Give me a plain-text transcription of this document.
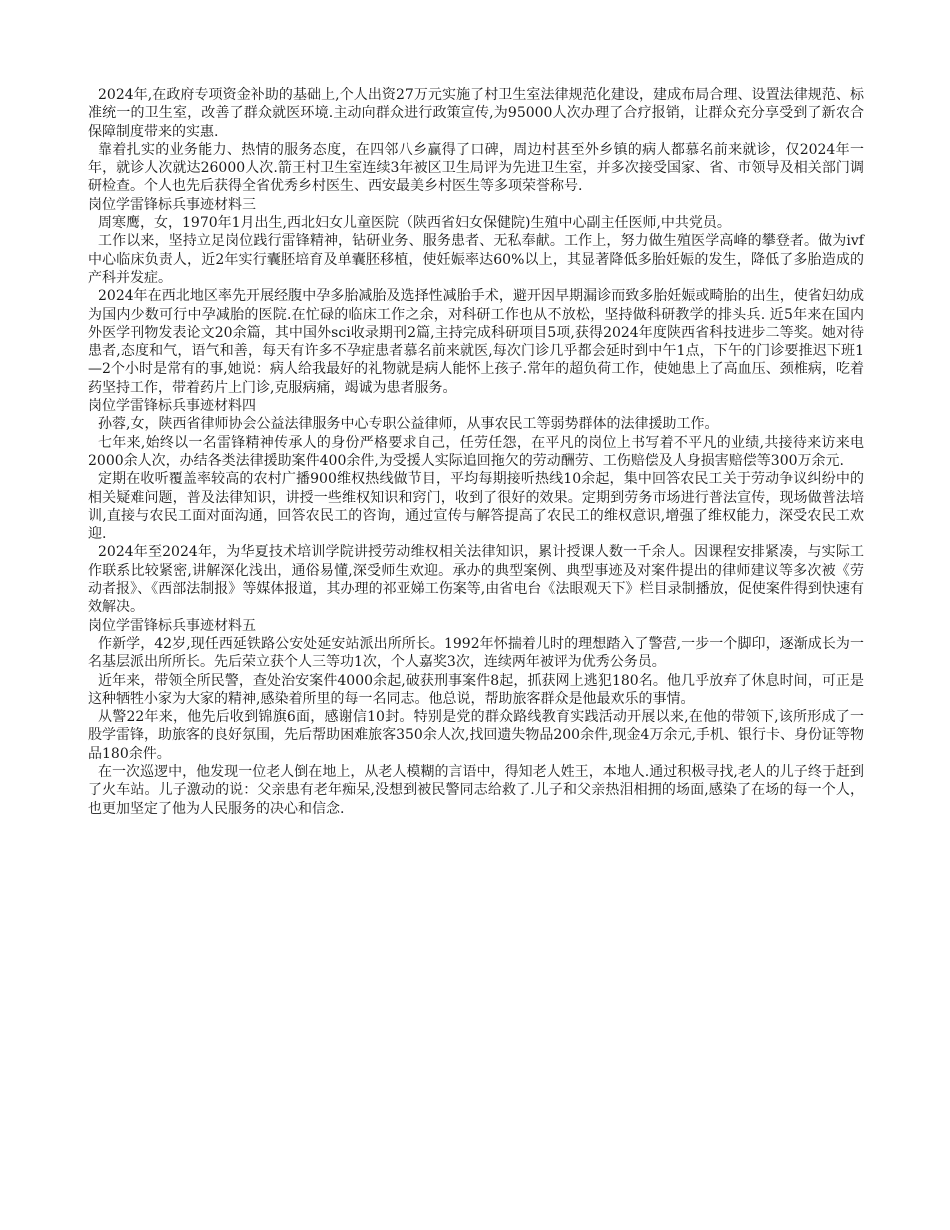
2024年,在政府专项资金补助的基础上,个人出资27万元实施了村卫生室法律规范化建设，建成布局合理、设置法律规范、标准统一的卫生室，改善了群众就医环境.主动向群众进行政策宣传,为95000人次办理了合疗报销，让群众充分享受到了新农合保障制度带来的实惠.

靠着扎实的业务能力、热情的服务态度，在四邻八乡赢得了口碑，周边村甚至外乡镇的病人都慕名前来就诊，仅2024年一年，就诊人次就达26000人次.箭王村卫生室连续3年被区卫生局评为先进卫生室，并多次接受国家、省、市领导及相关部门调研检查。个人也先后获得全省优秀乡村医生、西安最美乡村医生等多项荣誉称号.

岗位学雷锋标兵事迹材料三

周寒鹰，女，1970年1月出生,西北妇女儿童医院（陕西省妇女保健院)生殖中心副主任医师,中共党员。

工作以来，坚持立足岗位践行雷锋精神，钻研业务、服务患者、无私奉献。工作上，努力做生殖医学高峰的攀登者。做为ivf中心临床负责人，近2年实行囊胚培育及单囊胚移植，使妊娠率达60%以上，其显著降低多胎妊娠的发生，降低了多胎造成的产科并发症。

2024年在西北地区率先开展经腹中孕多胎减胎及选择性减胎手术，避开因早期漏诊而致多胎妊娠或畸胎的出生，使省妇幼成为国内少数可行中孕减胎的医院.在忙碌的临床工作之余，对科研工作也从不放松，坚持做科研教学的排头兵. 近5年来在国内外医学刊物发表论文20余篇，其中国外sci收录期刊2篇,主持完成科研项目5项,获得2024年度陕西省科技进步二等奖。她对待患者,态度和气，语气和善，每天有许多不孕症患者慕名前来就医,每次门诊几乎都会延时到中午1点，下午的门诊要推迟下班1—2个小时是常有的事,她说：病人给我最好的礼物就是病人能怀上孩子.常年的超负荷工作，使她患上了高血压、颈椎病，吃着药坚持工作，带着药片上门诊,克服病痛，竭诚为患者服务。

岗位学雷锋标兵事迹材料四

孙蓉,女，陕西省律师协会公益法律服务中心专职公益律师，从事农民工等弱势群体的法律援助工作。

七年来,始终以一名雷锋精神传承人的身份严格要求自己，任劳任怨，在平凡的岗位上书写着不平凡的业绩,共接待来访来电2000余人次，办结各类法律援助案件400余件,为受援人实际追回拖欠的劳动酬劳、工伤赔偿及人身损害赔偿等300万余元.

定期在收听覆盖率较高的农村广播900维权热线做节目，平均每期接听热线10余起，集中回答农民工关于劳动争议纠纷中的相关疑难问题，普及法律知识，讲授一些维权知识和窍门，收到了很好的效果。定期到劳务市场进行普法宣传，现场做普法培训,直接与农民工面对面沟通，回答农民工的咨询，通过宣传与解答提高了农民工的维权意识,增强了维权能力，深受农民工欢迎.

2024年至2024年，为华夏技术培训学院讲授劳动维权相关法律知识，累计授课人数一千余人。因课程安排紧凑，与实际工作联系比较紧密,讲解深化浅出，通俗易懂,深受师生欢迎。承办的典型案例、典型事迹及对案件提出的律师建议等多次被《劳动者报》、《西部法制报》等媒体报道，其办理的祁亚娣工伤案等,由省电台《法眼观天下》栏目录制播放，促使案件得到快速有效解决。

岗位学雷锋标兵事迹材料五

作新学，42岁,现任西延铁路公安处延安站派出所所长。1992年怀揣着儿时的理想踏入了警营,一步一个脚印，逐渐成长为一名基层派出所所长。先后荣立获个人三等功1次，个人嘉奖3次，连续两年被评为优秀公务员。

近年来，带领全所民警，查处治安案件4000余起,破获刑事案件8起，抓获网上逃犯180名。他几乎放弃了休息时间，可正是这种牺牲小家为大家的精神,感染着所里的每一名同志。他总说，帮助旅客群众是他最欢乐的事情。

从警22年来，他先后收到锦旗6面，感谢信10封。特别是党的群众路线教育实践活动开展以来,在他的带领下,该所形成了一股学雷锋，助旅客的良好氛围，先后帮助困难旅客350余人次,找回遗失物品200余件,现金4万余元,手机、银行卡、身份证等物品180余件。

在一次巡逻中，他发现一位老人倒在地上，从老人模糊的言语中，得知老人姓王，本地人.通过积极寻找,老人的儿子终于赶到了火车站。儿子激动的说：父亲患有老年痴呆,没想到被民警同志给救了.儿子和父亲热泪相拥的场面,感染了在场的每一个人，也更加坚定了他为人民服务的决心和信念.
